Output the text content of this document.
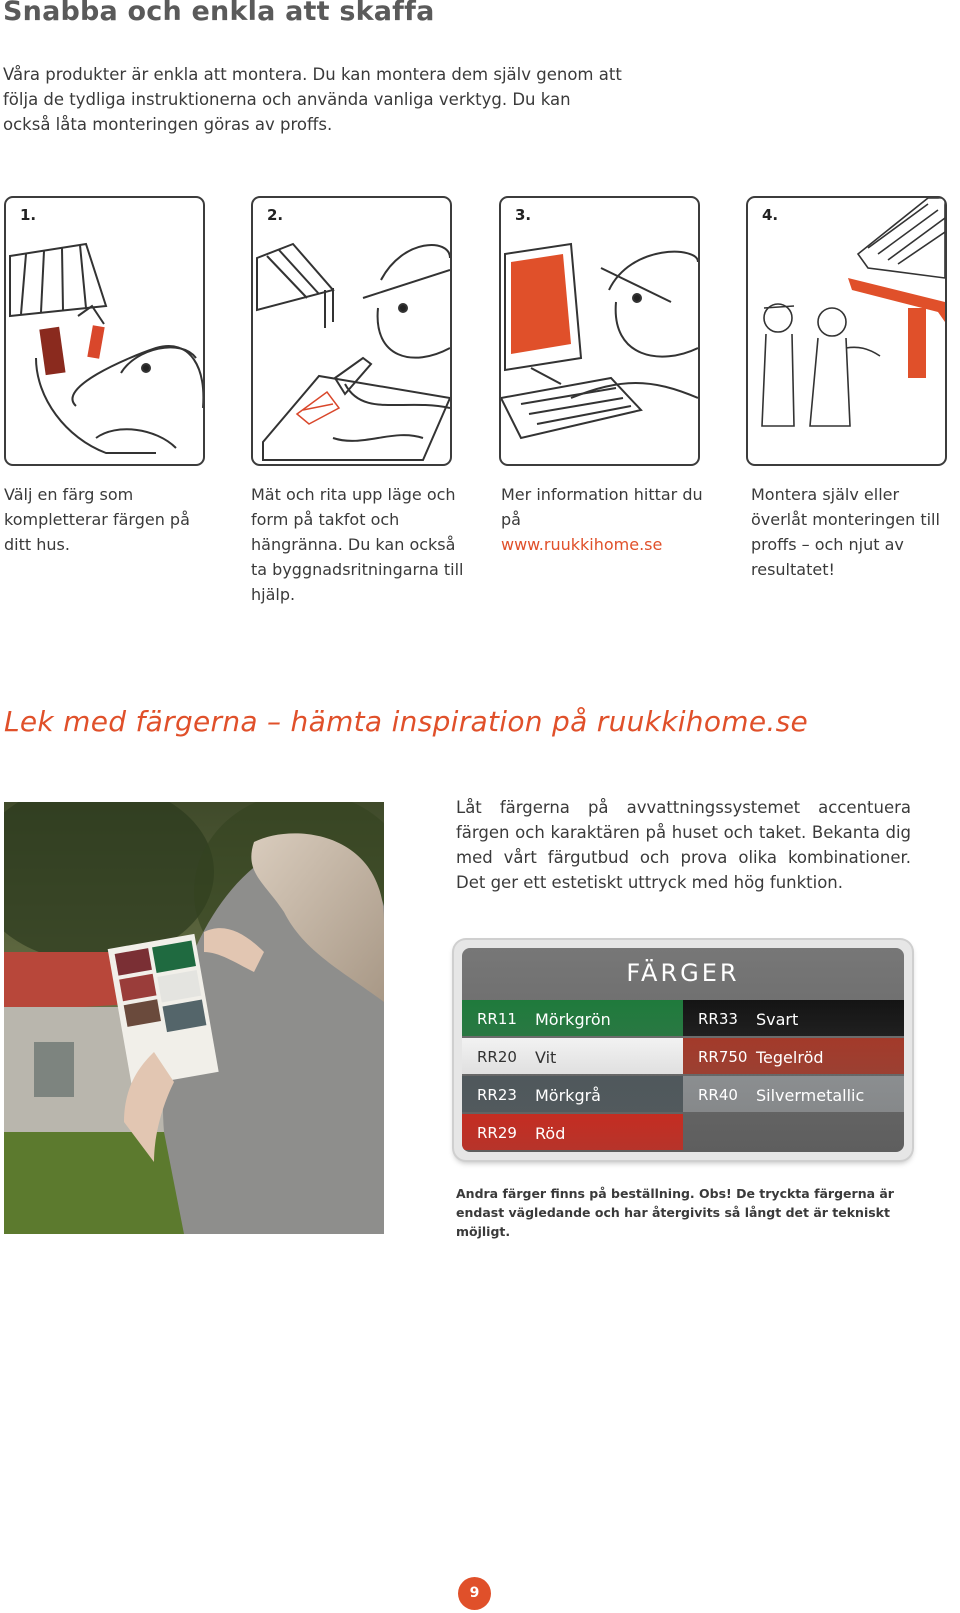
Snabba och enkla att skaffa
Våra produkter är enkla att montera. Du kan montera dem själv genom att följa de tydliga instruktionerna och använda vanliga verktyg. Du kan också låta monteringen göras av proffs.
1.	2.	3.	4.
Välj en färg som kompletterar färgen på ditt hus.
Mät och rita upp läge och form på takfot och hängränna. Du kan också ta byggnadsritningarna till hjälp.
Mer information hittar du på
www.ruukkihome.se
Montera själv eller överlåt monteringen till proffs – och njut av resultatet!
Lek med färgerna – hämta inspiration på ruukkihome.se
Låt färgerna på avvattningssystemet accentuera färgen och karaktären på huset och taket. Bekanta dig med vårt färgutbud och prova olika kombinationer. Det ger ett estetiskt uttryck med hög funktion.
FÄRGER
RR11 Mörkgrön	RR33 Svart
RR20 Vit	RR750 Tegelröd
RR23 Mörkgrå	RR40 Silvermetallic
RR29 Röd
Andra färger finns på beställning. Obs! De tryckta färgerna är endast vägledande och har återgivits så långt det är tekniskt möjligt.
9
